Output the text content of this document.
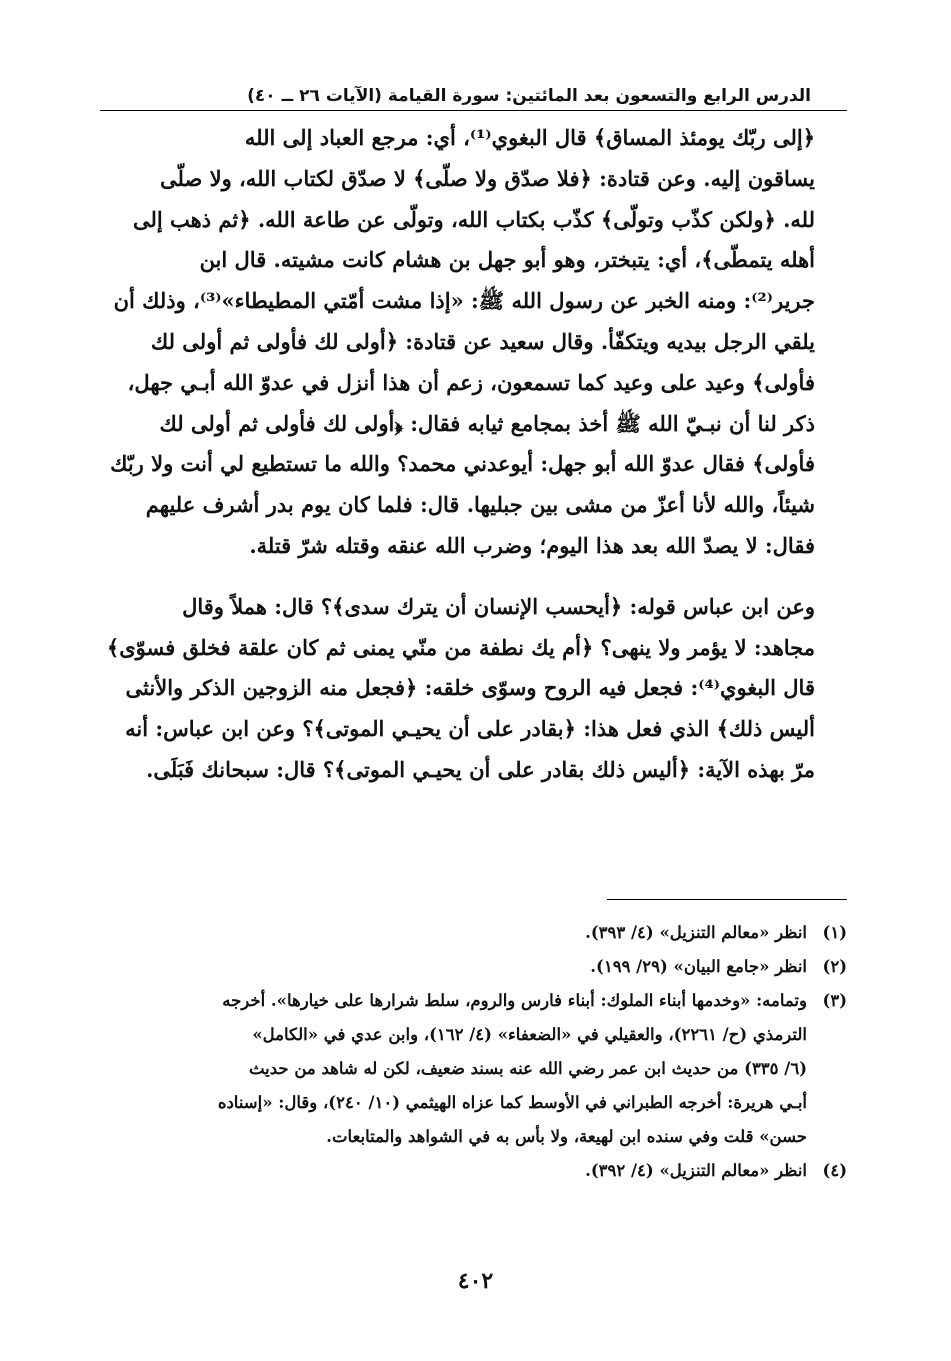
الدرس الرابع والتسعون بعد المائتين: سورة القيامة (الآيات ٢٦ ــ ٤٠)

﴿إلى ربّك يومئذ المساق﴾ قال البغوي⁽¹⁾، أي: مرجع العباد إلى الله
يساقون إليه. وعن قتادة: ﴿فلا صدّق ولا صلّى﴾ لا صدّق لكتاب الله، ولا صلّى
لله. ﴿ولكن كذّب وتولّى﴾ كذّب بكتاب الله، وتولّى عن طاعة الله. ﴿ثم ذهب إلى
أهله يتمطّى﴾، أي: يتبختر، وهو أبو جهل بن هشام كانت مشيته. قال ابن
جرير⁽²⁾: ومنه الخبر عن رسول الله ﷺ: «إذا مشت أمّتي المطيطاء»⁽³⁾، وذلك أن
يلقي الرجل بيديه ويتكفّأ. وقال سعيد عن قتادة: ﴿أولى لك فأولى ثم أولى لك
فأولى﴾ وعيد على وعيد كما تسمعون، زعم أن هذا أنزل في عدوّ الله أبـي جهل،
ذكر لنا أن نبـيّ الله ﷺ أخذ بمجامع ثيابه فقال: ﴿أولى لك فأولى ثم أولى لك
فأولى﴾ فقال عدوّ الله أبو جهل: أيوعدني محمد؟ والله ما تستطيع لي أنت ولا ربّك
شيئاً، والله لأنا أعزّ من مشى بين جبليها. قال: فلما كان يوم بدر أشرف عليهم
فقال: لا يصدّ الله بعد هذا اليوم؛ وضرب الله عنقه وقتله شرّ قتلة.

وعن ابن عباس قوله: ﴿أيحسب الإنسان أن يترك سدى﴾؟ قال: هملاً وقال
مجاهد: لا يؤمر ولا ينهى؟ ﴿أم يك نطفة من منّي يمنى ثم كان علقة فخلق فسوّى﴾
قال البغوي⁽⁴⁾: فجعل فيه الروح وسوّى خلقه: ﴿فجعل منه الزوجين الذكر والأنثى
أليس ذلك﴾ الذي فعل هذا: ﴿بقادر على أن يحيـي الموتى﴾؟ وعن ابن عباس: أنه
مرّ بهذه الآية: ﴿أليس ذلك بقادر على أن يحيـي الموتى﴾؟ قال: سبحانك فَبَلَى.

(١)
انظر «معالم التنزيل» (٤/ ٣٩٣).
(٢)
انظر «جامع البيان» (٢٩/ ١٩٩).
(٣)
وتمامه: «وخدمها أبناء الملوك: أبناء فارس والروم، سلط شرارها على خيارها». أخرجه
الترمذي (ح/ ٢٢٦١)، والعقيلي في «الضعفاء» (٤/ ١٦٢)، وابن عدي في «الكامل»
(٦/ ٣٣٥) من حديث ابن عمر رضي الله عنه بسند ضعيف، لكن له شاهد من حديث
أبـي هريرة: أخرجه الطبراني في الأوسط كما عزاه الهيثمي (١٠/ ٢٤٠)، وقال: «إسناده
حسن» قلت وفي سنده ابن لهيعة، ولا بأس به في الشواهد والمتابعات.
(٤)
انظر «معالم التنزيل» (٤/ ٣٩٢).
٤٠٢
